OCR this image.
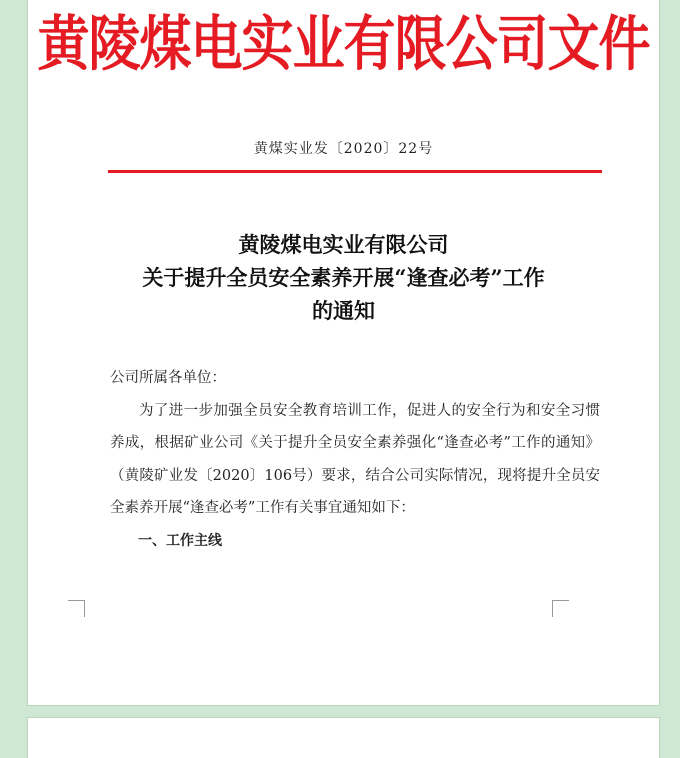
黄陵煤电实业有限公司文件
黄煤实业发〔2020〕22号
黄陵煤电实业有限公司
关于提升全员安全素养开展“逢查必考”工作
的通知

公司所属各单位：

为了进一步加强全员安全教育培训工作，促进人的安全行为和安全习惯养成，根据矿业公司《关于提升全员安全素养强化“逢查必考”工作的通知》（黄陵矿业发〔2020〕106号）要求，结合公司实际情况，现将提升全员安全素养开展“逢查必考”工作有关事宜通知如下：

一、工作主线
